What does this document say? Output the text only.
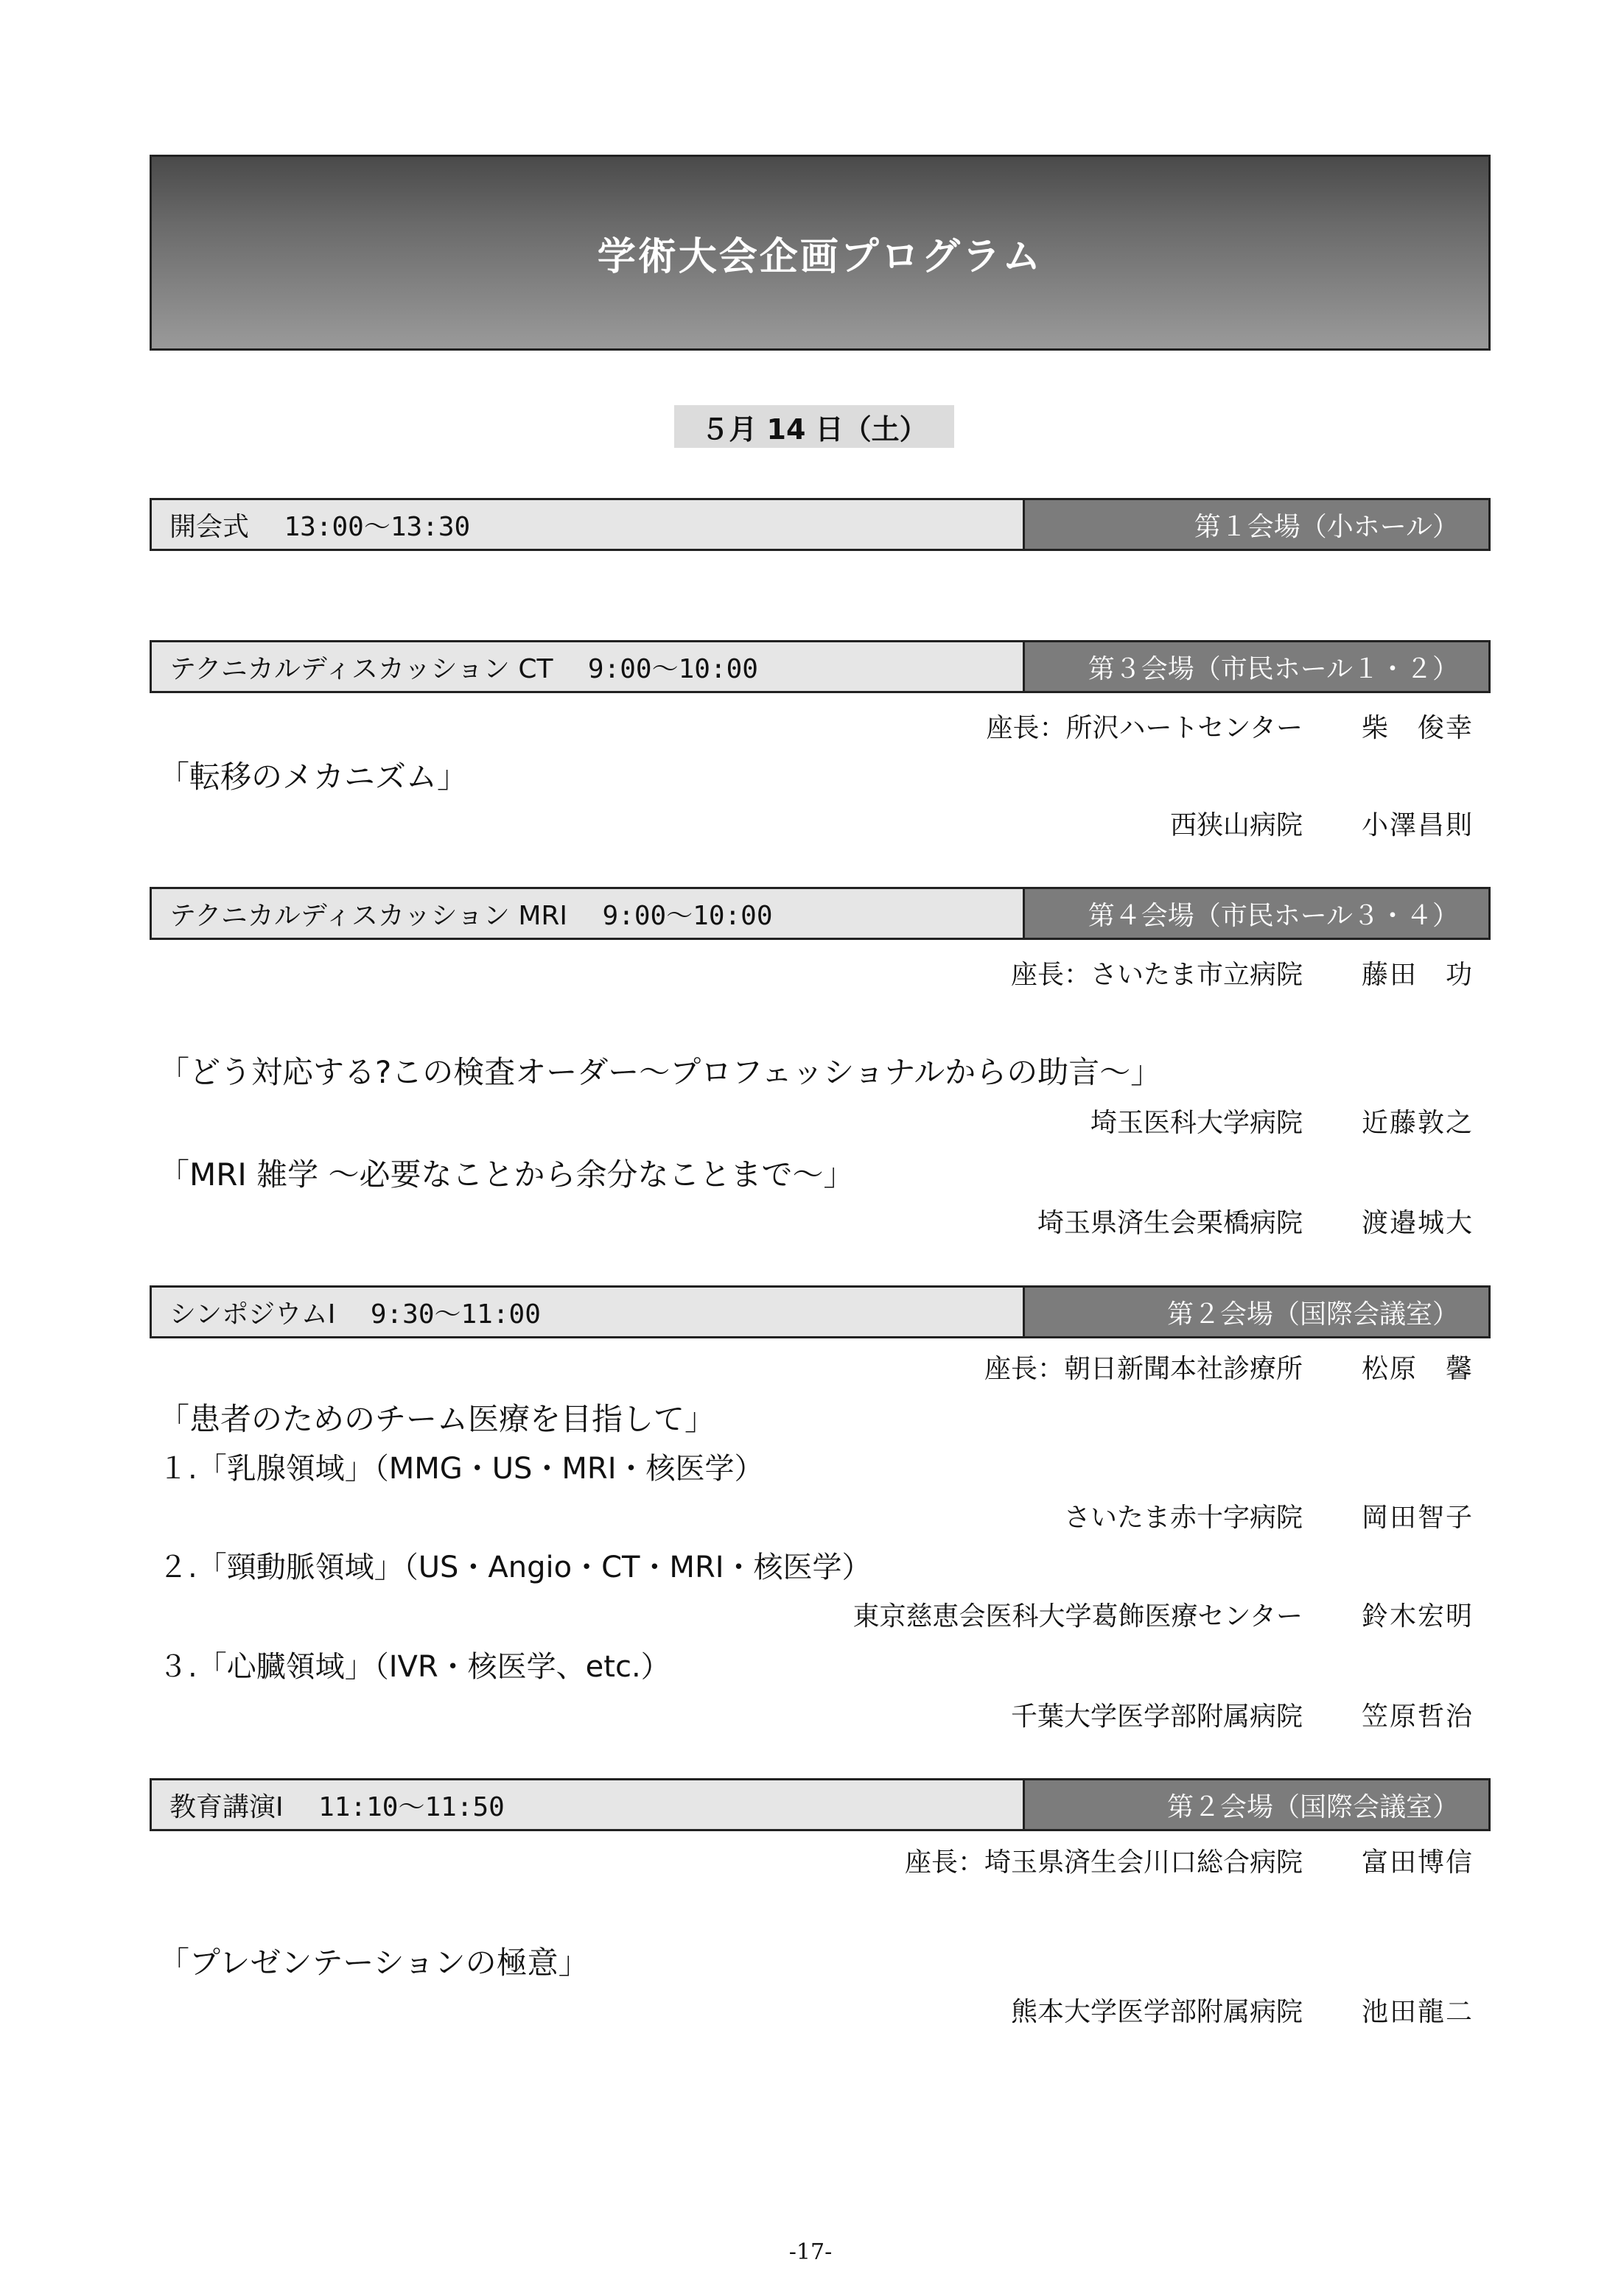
学術大会企画プログラム
５月 14 日（土）
開会式
　 13:00〜13:30	第１会場（小ホール）
テクニカルディスカッション CT
　 9:00〜10:00	第３会場（市民ホール１・２）
座長：所沢ハートセンター 柴　俊幸
「転移のメカニズム」
西狭山病院 小澤昌則
テクニカルディスカッション MRI
　 9:00〜10:00	第４会場（市民ホール３・４）
座長：さいたま市立病院 藤田　功
「どう対応する?この検査オーダー〜プロフェッショナルからの助言〜」
埼玉医科大学病院 近藤敦之
「MRI 雑学 〜必要なことから余分なことまで〜」
埼玉県済生会栗橋病院 渡邉城大
シンポジウムⅠ
　 9:30〜11:00	第２会場（国際会議室）
座長：朝日新聞本社診療所 松原　馨
「患者のためのチーム医療を目指して」
１.「乳腺領域」（MMG・US・MRI・核医学）
さいたま赤十字病院 岡田智子
２.「頸動脈領域」（US・Angio・CT・MRI・核医学）
東京慈恵会医科大学葛飾医療センター 鈴木宏明
３.「心臓領域」（IVR・核医学、etc.）
千葉大学医学部附属病院 笠原哲治
教育講演Ⅰ
　 11:10〜11:50	第２会場（国際会議室）
座長：埼玉県済生会川口総合病院 富田博信
「プレゼンテーションの極意」
熊本大学医学部附属病院 池田龍二
-17-
